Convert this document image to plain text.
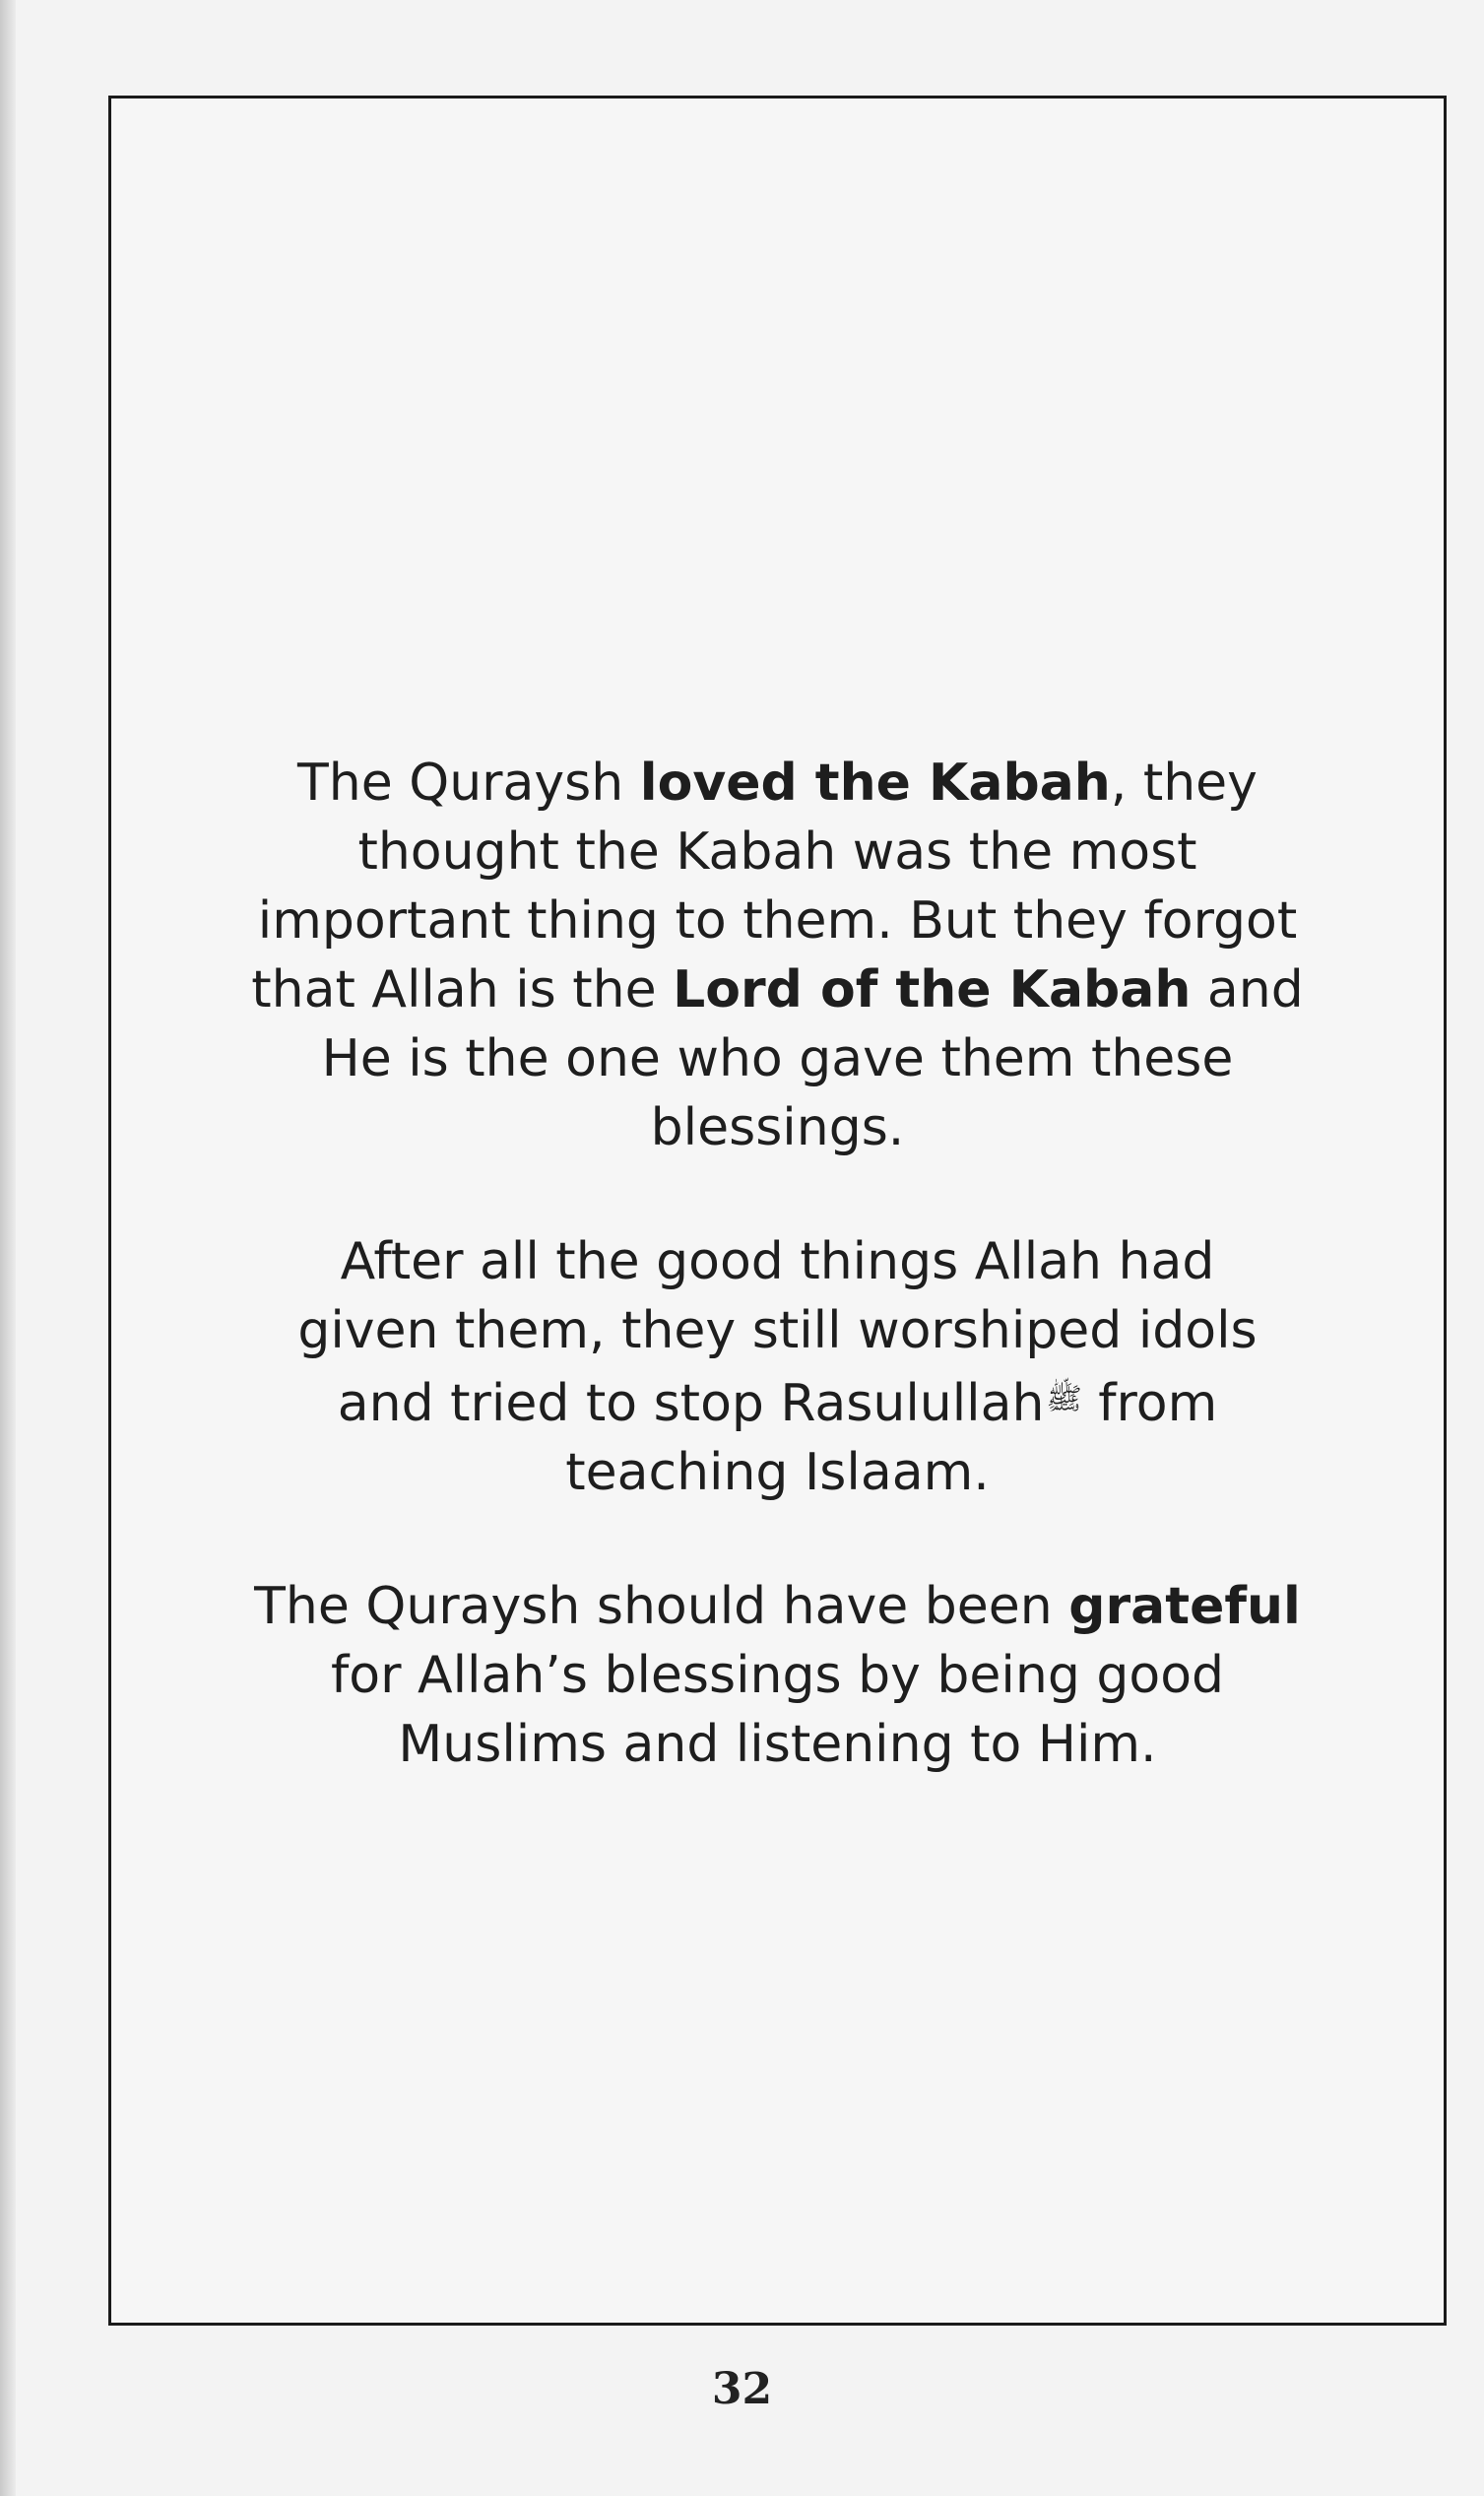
The Quraysh loved the Kabah, they
thought the Kabah was the most
important thing to them. But they forgot
that Allah is the Lord of the Kabah and
He is the one who gave them these
blessings.

After all the good things Allah had
given them, they still worshiped idols
and tried to stop Rasulullahﷺ from
teaching Islaam.

The Quraysh should have been grateful
for Allah’s blessings by being good
Muslims and listening to Him.

32
